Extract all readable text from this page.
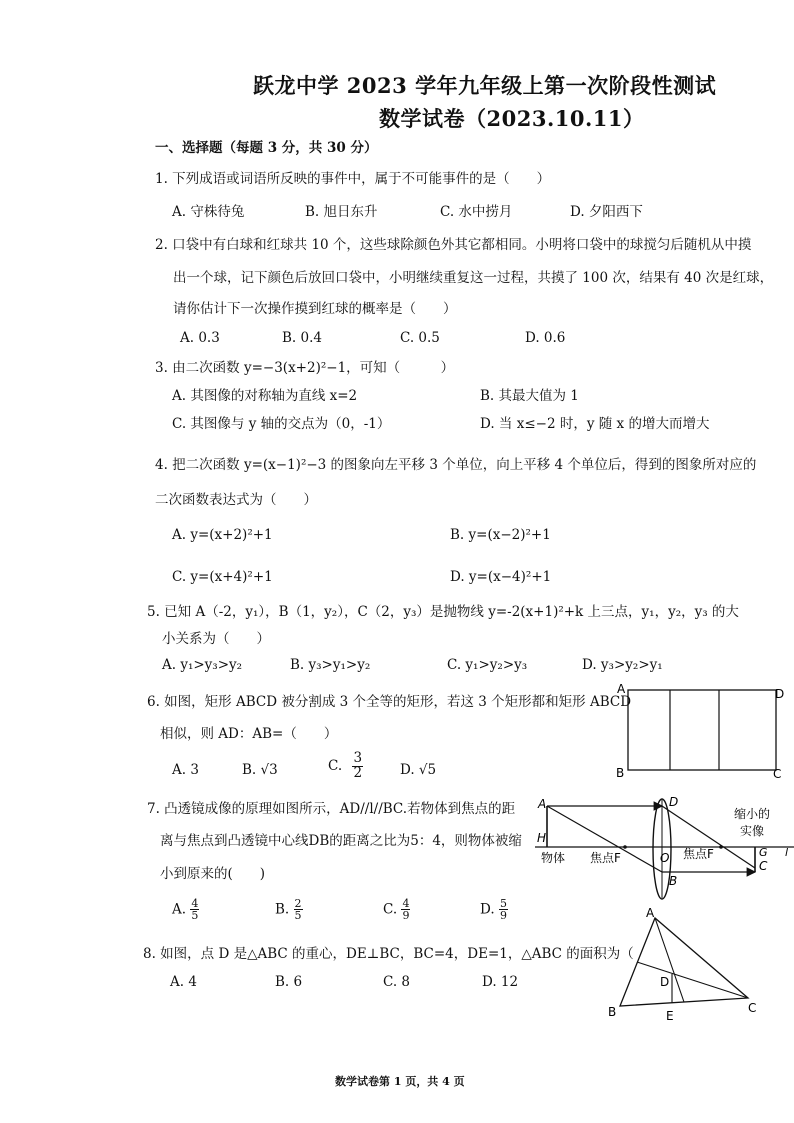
跃龙中学 2023 学年九年级上第一次阶段性测试
数学试卷（2023.10.11）
一、选择题（每题 3 分，共 30 分）
1. 下列成语或词语所反映的事件中，属于不可能事件的是（　　）
A. 守株待兔	B. 旭日东升	C. 水中捞月	D. 夕阳西下
2. 口袋中有白球和红球共 10 个，这些球除颜色外其它都相同。小明将口袋中的球搅匀后随机从中摸
出一个球，记下颜色后放回口袋中，小明继续重复这一过程，共摸了 100 次，结果有 40 次是红球，
请你估计下一次操作摸到红球的概率是（　　）
A. 0.3	B. 0.4	C. 0.5	D. 0.6
3. 由二次函数 y=−3(x+2)²−1，可知（　　　）
A. 其图像的对称轴为直线 x=2	B. 其最大值为 1
C. 其图像与 y 轴的交点为（0，-1）	D. 当 x≤−2 时，y 随 x 的增大而增大
4. 把二次函数 y=(x−1)²−3 的图象向左平移 3 个单位，向上平移 4 个单位后，得到的图象所对应的
二次函数表达式为（　　）
A. y=(x+2)²+1	B. y=(x−2)²+1
C. y=(x+4)²+1	D. y=(x−4)²+1
5. 已知 A（-2，y₁），B（1，y₂），C（2，y₃）是抛物线 y=-2(x+1)²+k 上三点，y₁，y₂，y₃ 的大
小关系为（　　）
A. y₁>y₃>y₂	B. y₃>y₁>y₂	C. y₁>y₂>y₃	D. y₃>y₂>y₁
6. 如图，矩形 ABCD 被分割成 3 个全等的矩形，若这 3 个矩形都和矩形 ABCD
相似，则 AD：AB=（　　）
A. 3	B. √3	C. $\frac{3}{2}$	D. √5
A	D
B	C
7. 凸透镜成像的原理如图所示，AD//l//BC.若物体到焦点的距
离与焦点到凸透镜中心线DB的距离之比为5：4，则物体被缩
小到原来的(　　)
A. $\frac{4}{5}$	B. $\frac{2}{5}$	C. $\frac{4}{9}$	D. $\frac{5}{9}$
A
H
D
O
B
G
C
l
物体 焦点F	焦点F
缩小的
实像
8. 如图，点 D 是△ABC 的重心，DE⊥BC，BC=4，DE=1，△ABC 的面积为（
A. 4	B. 6	C. 8	D. 12
A
B	C
D
E
数学试卷第 1 页，共 4 页
